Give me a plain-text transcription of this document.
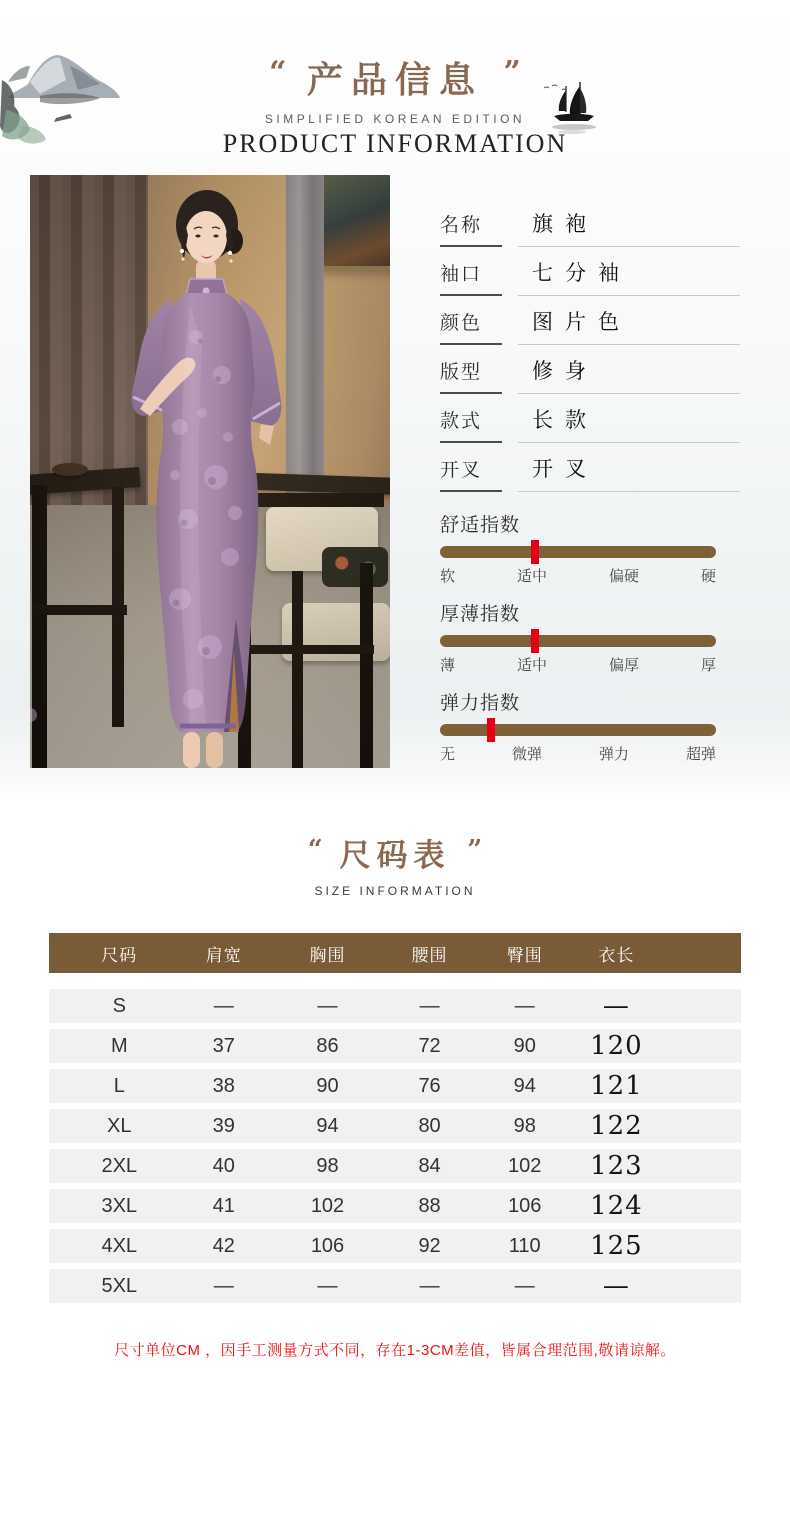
“ 产品信息 ”
SIMPLIFIED KOREAN EDITION
PRODUCT INFORMATION
名称 旗袍
袖口 七分袖
颜色 图片色
版型 修身
款式 长款
开叉 开叉
舒适指数
软	适中	偏硬	硬
厚薄指数
薄	适中	偏厚	厚
弹力指数
无	微弹	弹力	超弹
“ 尺码表 ”
SIZE INFORMATION
尺码	肩宽	胸围	腰围	臀围	衣长
S	—	—	—	—	—
M	37	86	72	90	120
L	38	90	76	94	121
XL	39	94	80	98	122
2XL	40	98	84	102	123
3XL	41	102	88	106	124
4XL	42	106	92	110	125
5XL	—	—	—	—	—
尺寸单位CM ，因手工测量方式不同，存在1-3CM差值，皆属合理范围,敬请谅解。
